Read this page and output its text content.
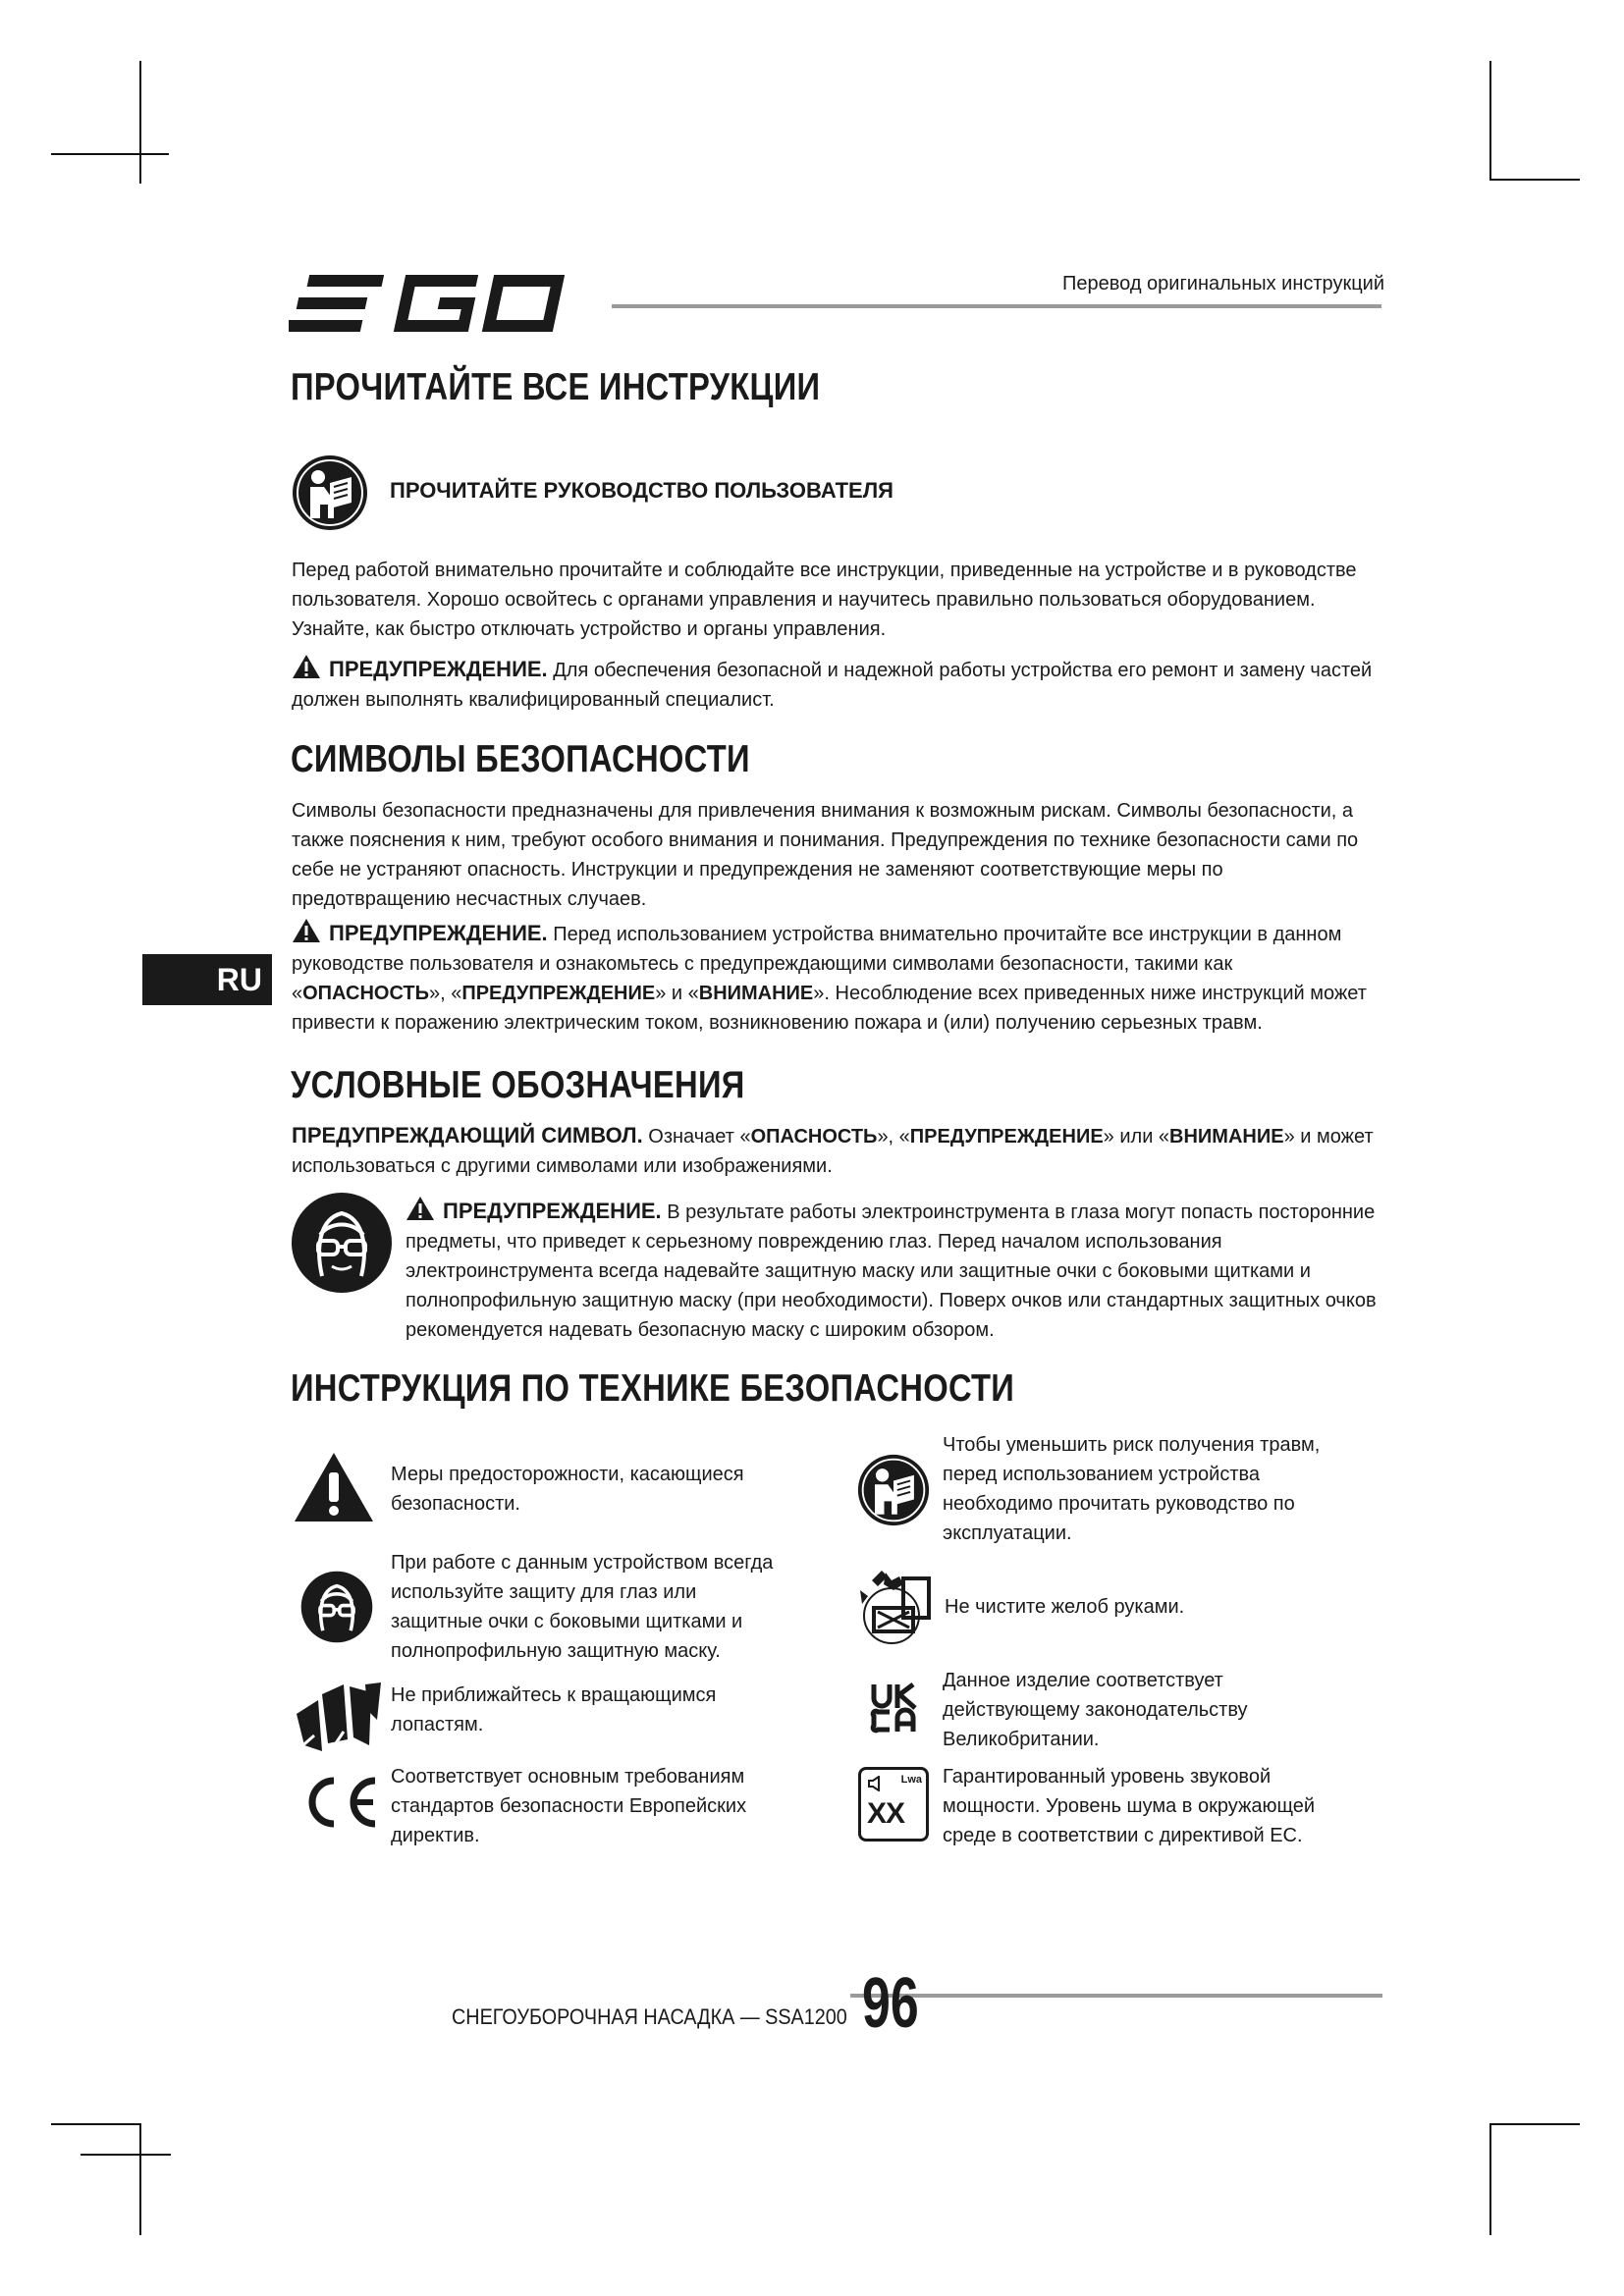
Перевод оригинальных инструкций
RU
ПРОЧИТАЙТЕ ВСЕ ИНСТРУКЦИИ
ПРОЧИТАЙТЕ РУКОВОДСТВО ПОЛЬЗОВАТЕЛЯ

Перед работой внимательно прочитайте и соблюдайте все инструкции, приведенные на устройстве и в руководстве пользователя. Хорошо освойтесь с органами управления и научитесь правильно пользоваться оборудованием. Узнайте, как быстро отключать устройство и органы управления.

ПРЕДУПРЕЖДЕНИЕ. Для обеспечения безопасной и надежной работы устройства его ремонт и замену частей должен выполнять квалифицированный специалист.

СИМВОЛЫ БЕЗОПАСНОСТИ

Символы безопасности предназначены для привлечения внимания к возможным рискам. Символы безопасности, а также пояснения к ним, требуют особого внимания и понимания. Предупреждения по технике безопасности сами по себе не устраняют опасность. Инструкции и предупреждения не заменяют соответствующие меры по предотвращению несчастных случаев.

ПРЕДУПРЕЖДЕНИЕ. Перед использованием устройства внимательно прочитайте все инструкции в данном руководстве пользователя и ознакомьтесь с предупреждающими символами безопасности, такими как «ОПАСНОСТЬ», «ПРЕДУПРЕЖДЕНИЕ» и «ВНИМАНИЕ». Несоблюдение всех приведенных ниже инструкций может привести к поражению электрическим током, возникновению пожара и (или) получению серьезных травм.

УСЛОВНЫЕ ОБОЗНАЧЕНИЯ

ПРЕДУПРЕЖДАЮЩИЙ СИМВОЛ. Означает «ОПАСНОСТЬ», «ПРЕДУПРЕЖДЕНИЕ» или «ВНИМАНИЕ» и может использоваться с другими символами или изображениями.

ПРЕДУПРЕЖДЕНИЕ. В результате работы электроинструмента в глаза могут попасть посторонние предметы, что приведет к серьезному повреждению глаз. Перед началом использования электроинструмента всегда надевайте защитную маску или защитные очки с боковыми щитками и полнопрофильную защитную маску (при необходимости). Поверх очков или стандартных защитных очков рекомендуется надевать безопасную маску с широким обзором.

ИНСТРУКЦИЯ ПО ТЕХНИКЕ БЕЗОПАСНОСТИ

Меры предосторожности, касающиеся безопасности.

При работе с данным устройством всегда используйте защиту для глаз или защитные очки с боковыми щитками и полнопрофильную защитную маску.

Не приближайтесь к вращающимся лопастям.

Соответствует основным требованиям стандартов безопасности Европейских директив.

Чтобы уменьшить риск получения травм, перед использованием устройства необходимо прочитать руководство по эксплуатации.

Не чистите желоб руками.

Данное изделие соответствует действующему законодательству Великобритании.

Lwa
XX

Гарантированный уровень звуковой мощности. Уровень шума в окружающей среде в соответствии с директивой ЕС.

СНЕГОУБОРОЧНАЯ НАСАДКА — SSA1200 96
